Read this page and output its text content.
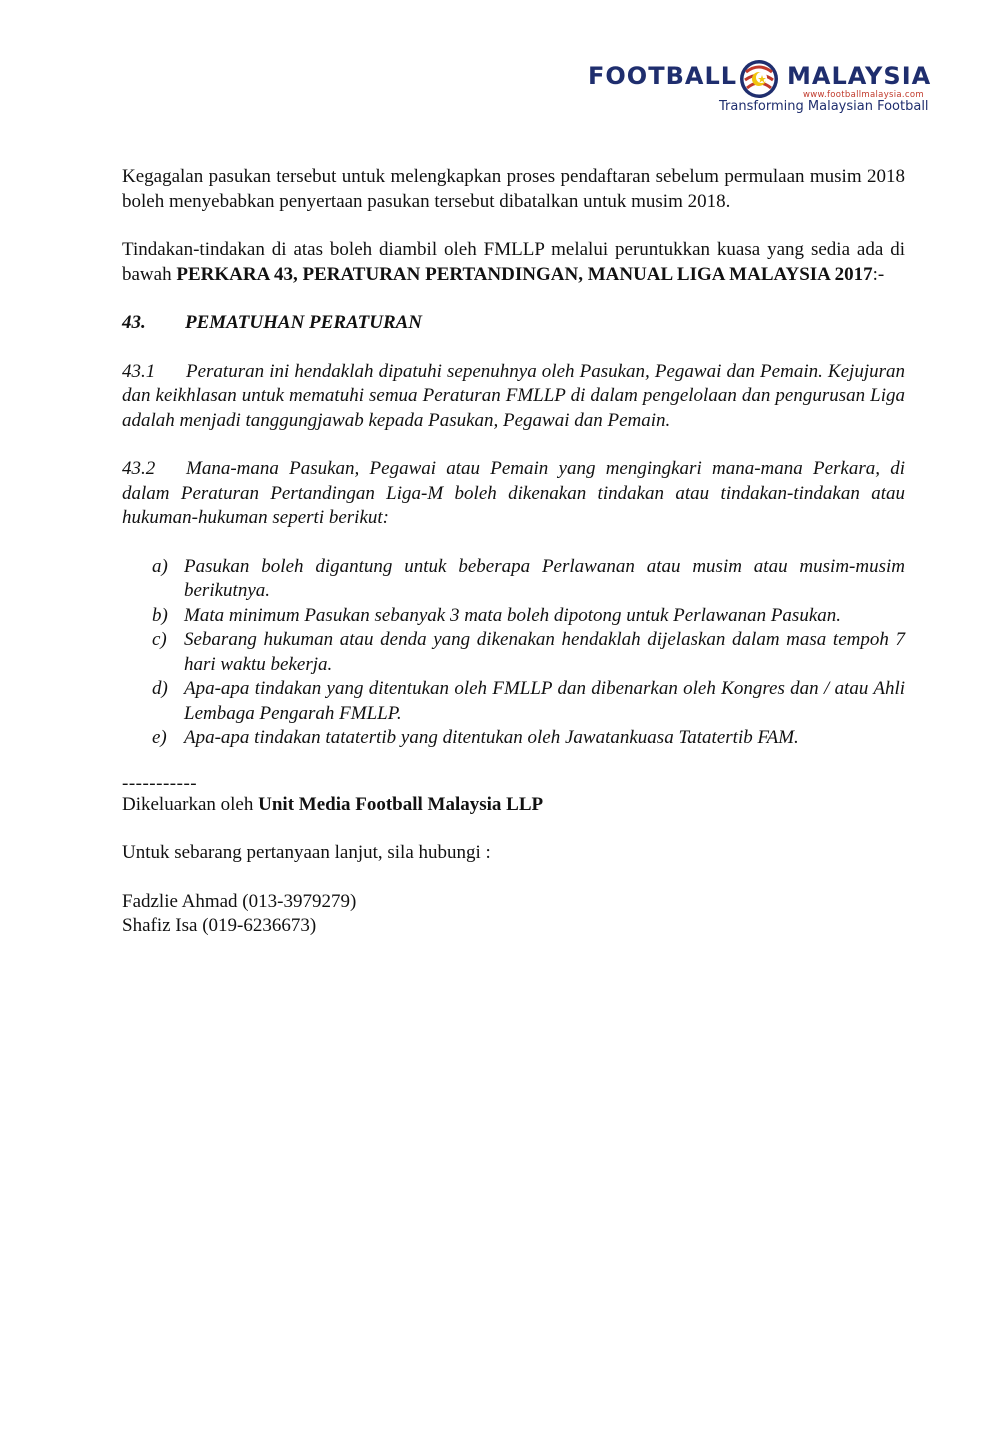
FOOTBALL MALAYSIA
www.footballmalaysia.com
Transforming Malaysian Football

Kegagalan pasukan tersebut untuk melengkapkan proses pendaftaran sebelum permulaan musim 2018 boleh menyebabkan penyertaan pasukan tersebut dibatalkan untuk musim 2018.

Tindakan-tindakan di atas boleh diambil oleh FMLLP melalui peruntukkan kuasa yang sedia ada di bawah PERKARA 43, PERATURAN PERTANDINGAN, MANUAL LIGA MALAYSIA 2017:-

43. PEMATUHAN PERATURAN

43.1 Peraturan ini hendaklah dipatuhi sepenuhnya oleh Pasukan, Pegawai dan Pemain. Kejujuran dan keikhlasan untuk mematuhi semua Peraturan FMLLP di dalam pengelolaan dan pengurusan Liga adalah menjadi tanggungjawab kepada Pasukan, Pegawai dan Pemain.

43.2 Mana-mana Pasukan, Pegawai atau Pemain yang mengingkari mana-mana Perkara, di dalam Peraturan Pertandingan Liga-M boleh dikenakan tindakan atau tindakan-tindakan atau hukuman-hukuman seperti berikut:

a) Pasukan boleh digantung untuk beberapa Perlawanan atau musim atau musim-musim berikutnya.
b) Mata minimum Pasukan sebanyak 3 mata boleh dipotong untuk Perlawanan Pasukan.
c) Sebarang hukuman atau denda yang dikenakan hendaklah dijelaskan dalam masa tempoh 7 hari waktu bekerja.
d) Apa-apa tindakan yang ditentukan oleh FMLLP dan dibenarkan oleh Kongres dan / atau Ahli Lembaga Pengarah FMLLP.
e) Apa-apa tindakan tatatertib yang ditentukan oleh Jawatankuasa Tatatertib FAM.

-----------

Dikeluarkan oleh Unit Media Football Malaysia LLP

Untuk sebarang pertanyaan lanjut, sila hubungi :

Fadzlie Ahmad (013-3979279)

Shafiz Isa (019-6236673)
